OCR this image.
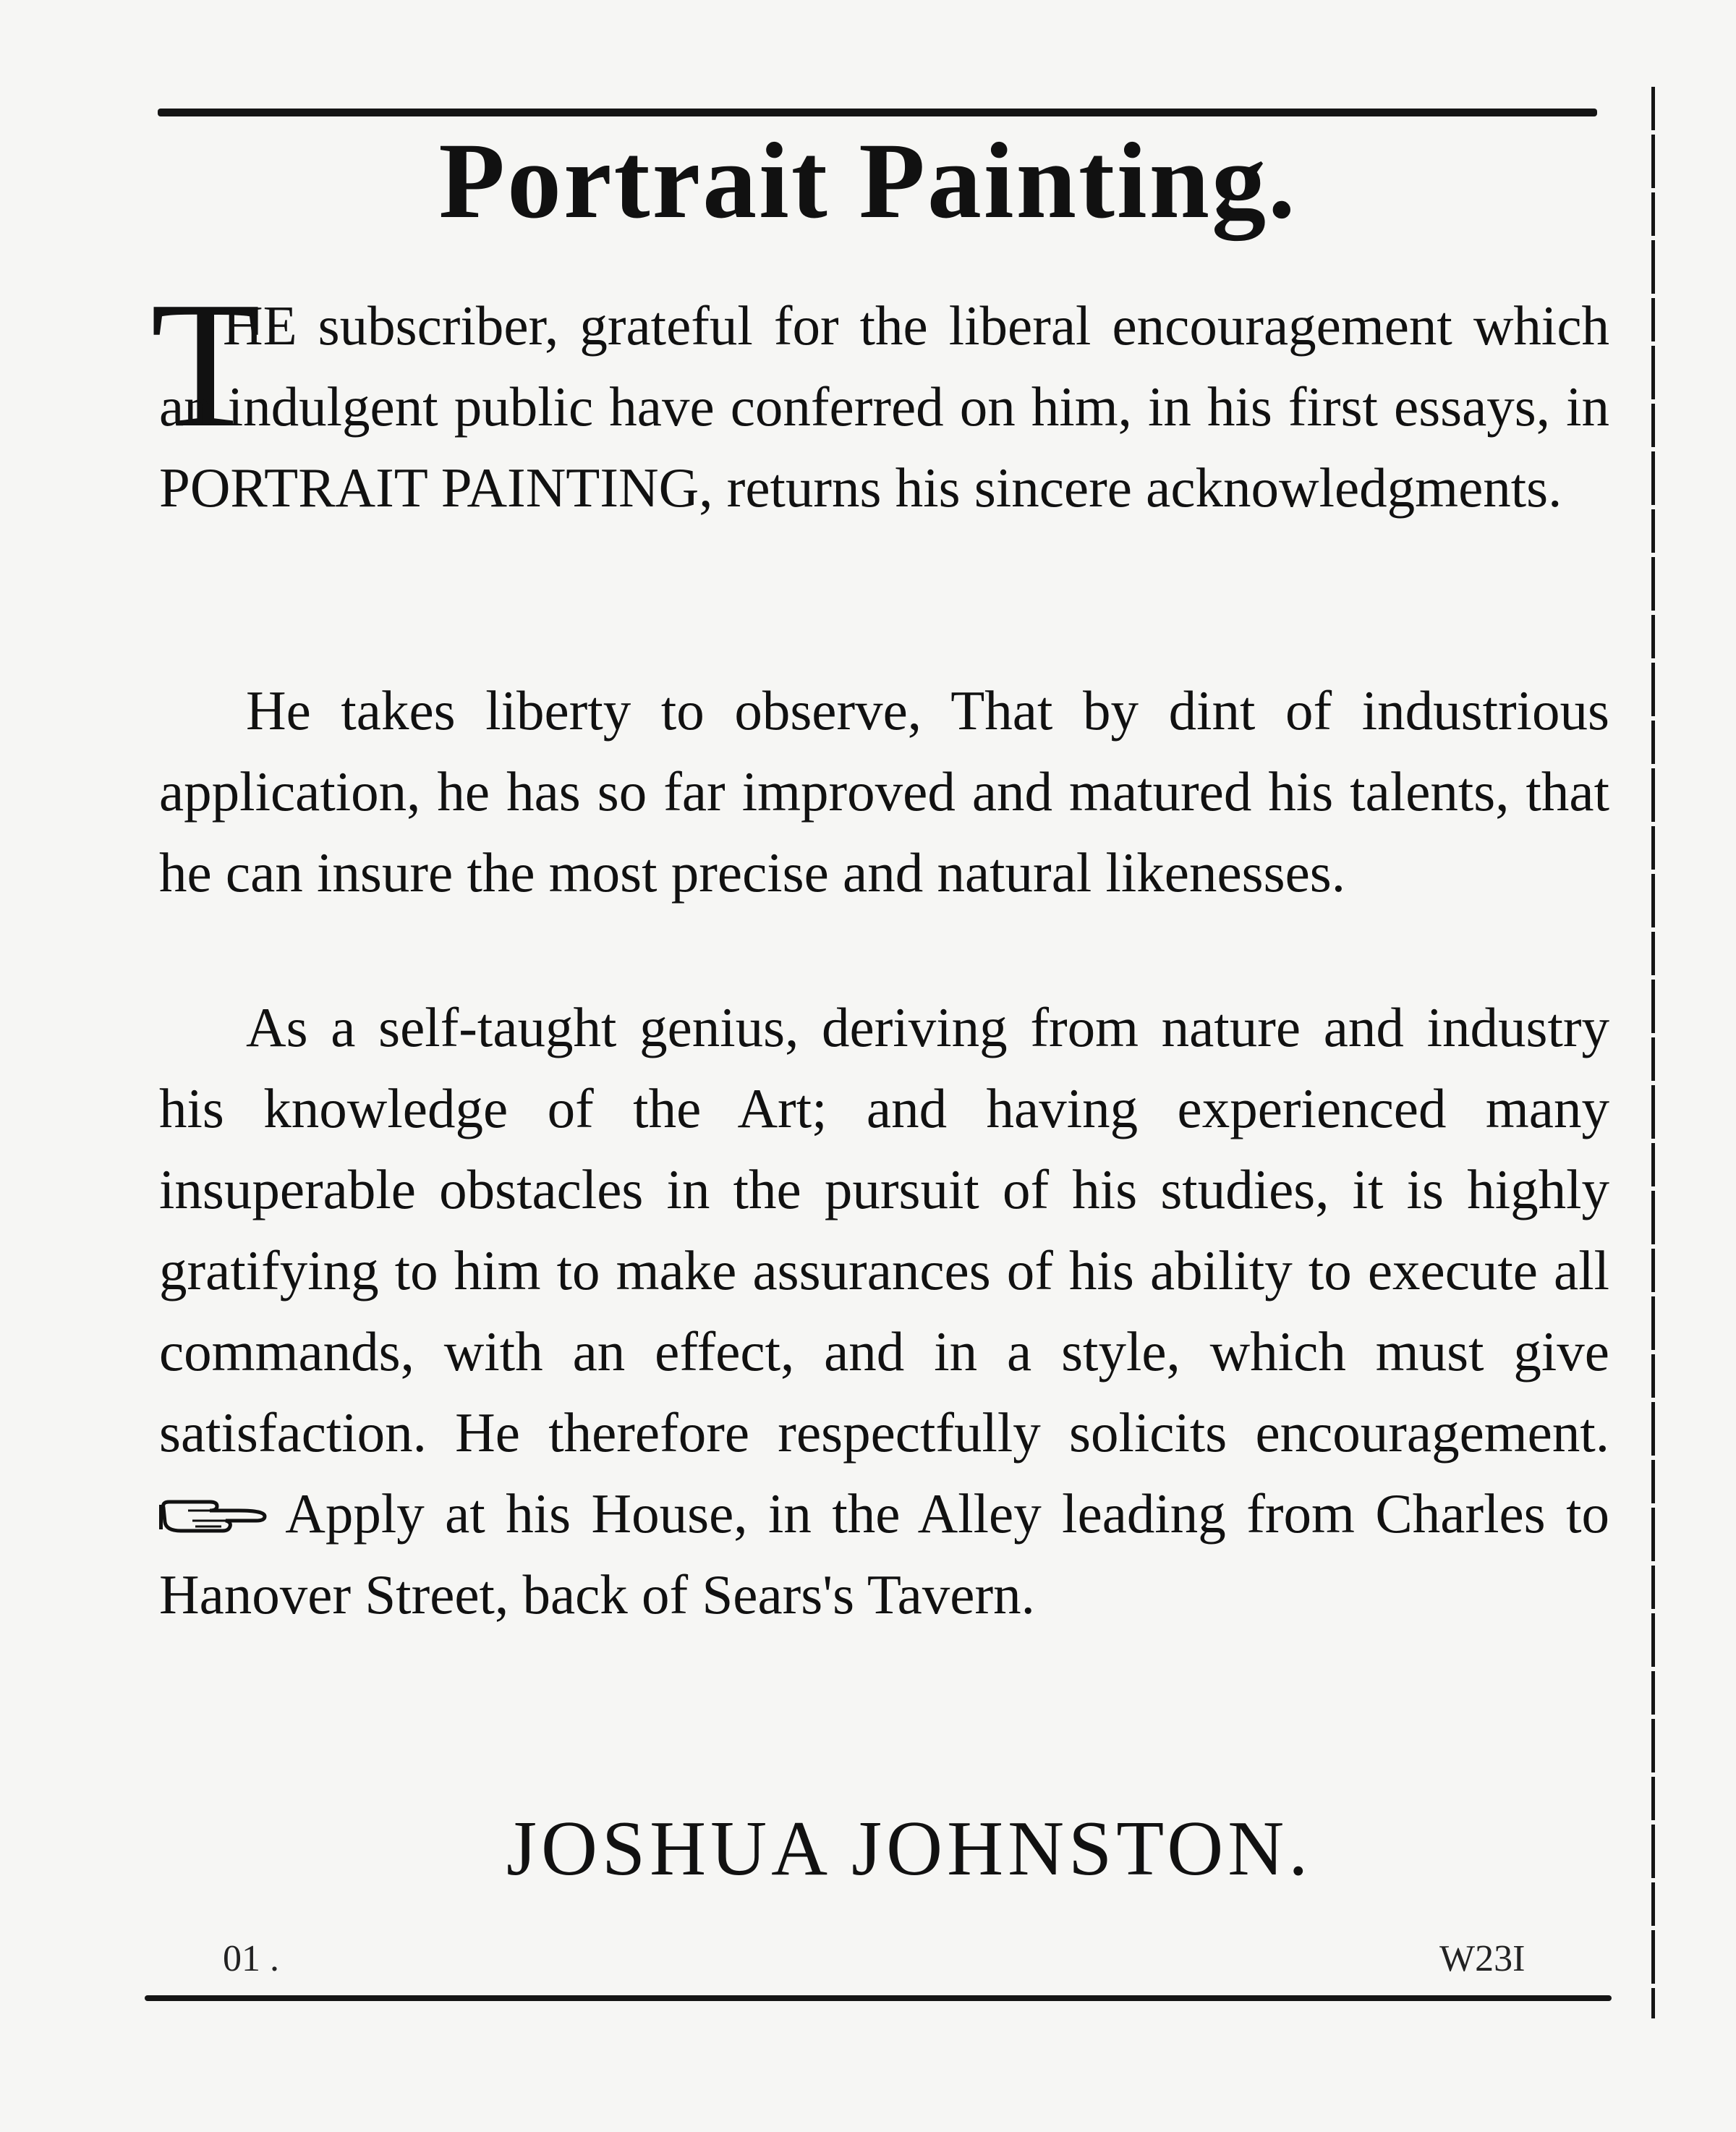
Portrait Painting.
T

HE subscriber, grateful for the liberal encouragement which an indulgent public have conferred on him, in his first essays, in PORTRAIT PAINTING, returns his sincere acknowledgments.

He takes liberty to observe, That by dint of industrious application, he has so far improved and matured his talents, that he can insure the most precise and natural likenesses.

As a self-taught genius, deriving from nature and industry his knowledge of the Art; and having experienced many insuperable obstacles in the pursuit of his studies, it is highly gratifying to him to make assurances of his ability to execute all commands, with an effect, and in a style, which must give satisfaction. He therefore respectfully solicits encouragement.  Apply at his House, in the Alley leading from Charles to Hanover Street, back of Sears's Tavern.

JOSHUA JOHNSTON.

01 .	W23I
